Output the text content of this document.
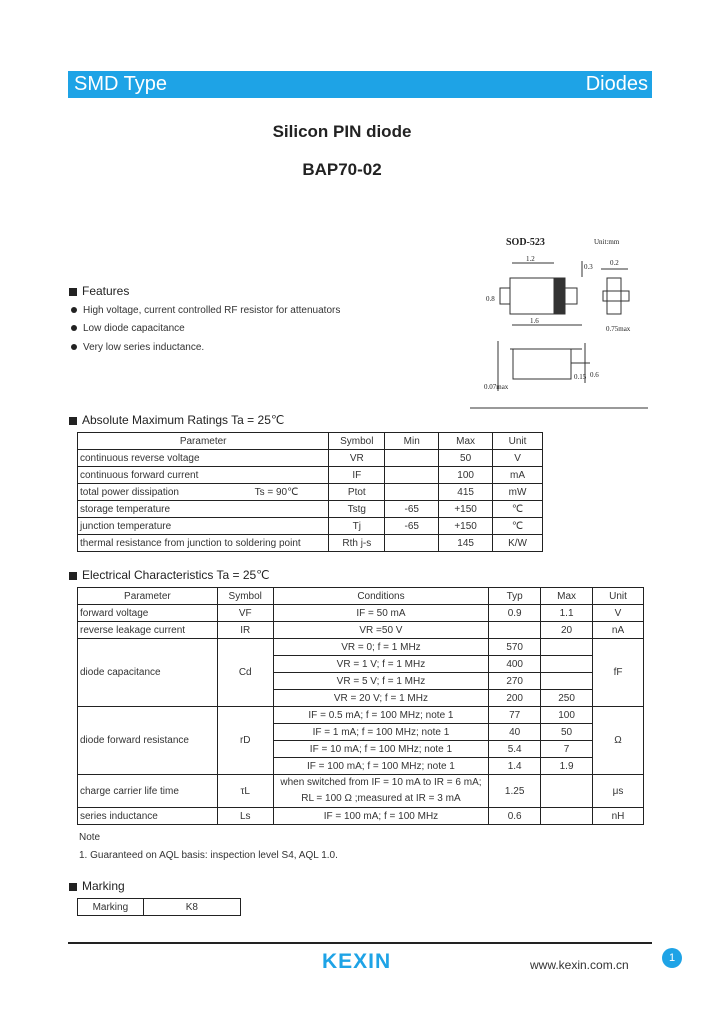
SMD Type	Diodes
Silicon PIN diode
BAP70-02
SOD-523	Unit:mm
1.2
0.8
1.6
0.3 0.2
0.75max
0.6
0.15
0.07max
Features
High voltage, current controlled RF resistor for attenuators
Low diode capacitance
Very low series inductance.
Absolute Maximum Ratings Ta = 25℃
Parameter	Symbol	Min	Max	Unit
continuous reverse voltage	VR		50	V
continuous forward current	IF		100	mA
total power dissipation Ts = 90℃	Ptot		415	mW
storage temperature	Tstg	-65	+150	℃
junction temperature	Tj	-65	+150	℃
thermal resistance from junction to soldering point	Rth j-s		145	K/W
Electrical Characteristics Ta = 25℃
Parameter	Symbol	Conditions	Typ	Max	Unit
forward voltage	VF	IF = 50 mA	0.9	1.1	V
reverse leakage current	IR	VR =50 V		20	nA
diode capacitance	Cd	VR = 0; f = 1 MHz	570		fF
		VR = 1 V; f = 1 MHz	400		
		VR = 5 V; f = 1 MHz	270		
		VR = 20 V; f = 1 MHz	200	250	
diode forward resistance	rD	IF = 0.5 mA; f = 100 MHz; note 1	77	100	Ω
		IF = 1 mA; f = 100 MHz; note 1	40	50	
		IF = 10 mA; f = 100 MHz; note 1	5.4	7	
		IF = 100 mA; f = 100 MHz; note 1	1.4	1.9	
charge carrier life time	τL	when switched from IF = 10 mA to IR = 6 mA;
RL = 100 Ω ;measured at IR = 3 mA	1.25		μs
series inductance	Ls	IF = 100 mA; f = 100 MHz	0.6		nH
Note
1. Guaranteed on AQL basis: inspection level S4, AQL 1.0.
Marking
Marking	K8
KEXIN	www.kexin.com.cn	1
